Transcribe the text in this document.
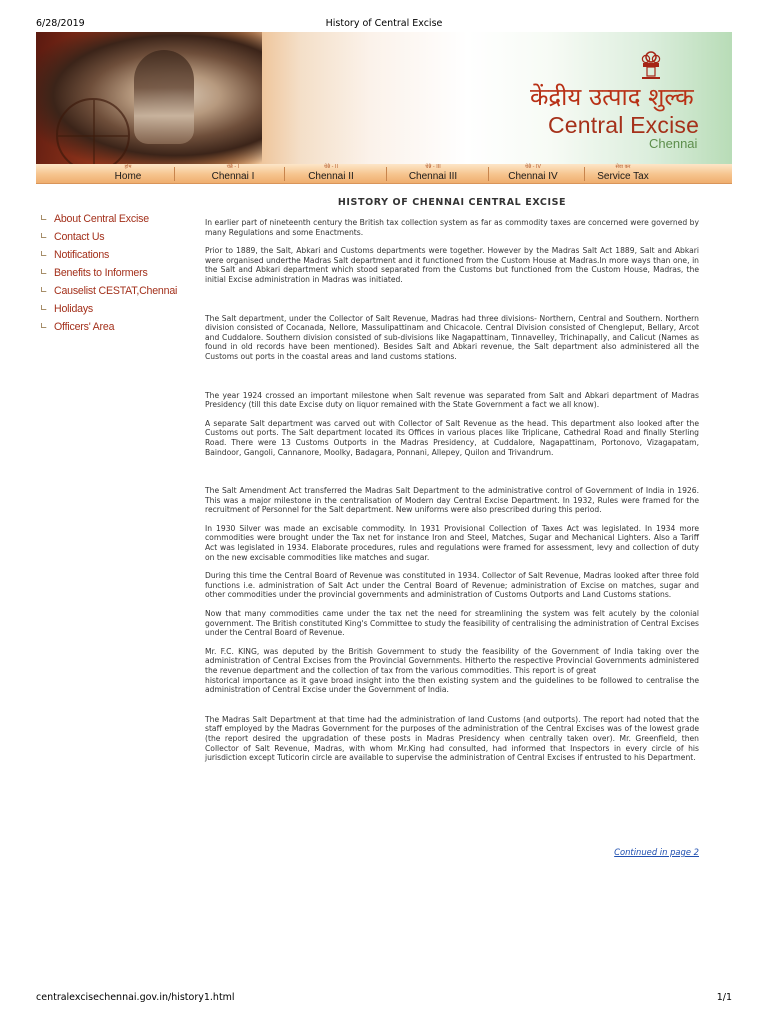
6/28/2019	History of Central Excise
केंद्रीय उत्पाद शुल्क
Central Excise
Chennai
होम
Home
चेन्नै - I
Chennai I
चेन्नै - II
Chennai II
चेन्नै - III
Chennai III
चेन्नै - IV
Chennai IV
सेवा कर
Service Tax
∟ About Central Excise
∟ Contact Us
∟ Notifications
∟ Benefits to Informers
∟ Causelist CESTAT,Chennai
∟ Holidays
∟ Officers' Area
HISTORY OF CHENNAI CENTRAL EXCISE

In earlier part of nineteenth century the British tax collection system as far as commodity taxes are concerned were governed by many Regulations and some Enactments.

Prior to 1889, the Salt, Abkari and Customs departments were together. However by the Madras Salt Act 1889, Salt and Abkari were organised underthe Madras Salt department and it functioned from the Custom House at Madras.In more ways than one, in the Salt and Abkari department which stood separated from the Customs but functioned from the Custom House, Madras, the initial Excise administration in Madras was initiated.

The Salt department, under the Collector of Salt Revenue, Madras had three divisions- Northern, Central and Southern. Northern division consisted of Cocanada, Nellore, Massulipattinam and Chicacole. Central Division consisted of Chengleput, Bellary, Arcot and Cuddalore. Southern division consisted of sub-divisions like Nagapattinam, Tinnavelley, Trichinapally, and Calicut (Names as found in old records have been mentioned). Besides Salt and Abkari revenue, the Salt department also administered all the Customs out ports in the coastal areas and land customs stations.

The year 1924 crossed an important milestone when Salt revenue was separated from Salt and Abkari department of Madras Presidency (till this date Excise duty on liquor remained with the State Government a fact we all know).

A separate Salt department was carved out with Collector of Salt Revenue as the head. This department also looked after the Customs out ports. The Salt department located its Offices in various places like Triplicane, Cathedral Road and finally Sterling Road. There were 13 Customs Outports in the Madras Presidency, at Cuddalore, Nagapattinam, Portonovo, Vizagapatam, Baindoor, Gangoli, Cannanore, Moolky, Badagara, Ponnani, Allepey, Quilon and Trivandrum.

The Salt Amendment Act transferred the Madras Salt Department to the administrative control of Government of India in 1926. This was a major milestone in the centralisation of Modern day Central Excise Department. In 1932, Rules were framed for the recruitment of Personnel for the Salt department. New uniforms were also prescribed during this period.

In 1930 Silver was made an excisable commodity. In 1931 Provisional Collection of Taxes Act was legislated. In 1934 more commodities were brought under the Tax net for instance Iron and Steel, Matches, Sugar and Mechanical Lighters. Also a Tariff Act was legislated in 1934. Elaborate procedures, rules and regulations were framed for assessment, levy and collection of duty on the new excisable commodities like matches and sugar.

During this time the Central Board of Revenue was constituted in 1934. Collector of Salt Revenue, Madras looked after three fold functions i.e. administration of Salt Act under the Central Board of Revenue; administration of Excise on matches, sugar and other commodities under the provincial governments and administration of Customs Outports and Land Customs stations.

Now that many commodities came under the tax net the need for streamlining the system was felt acutely by the colonial government. The British constituted King's Committee to study the feasibility of centralising the administration of Central Excises under the Central Board of Revenue.

Mr. F.C. KING, was deputed by the British Government to study the feasibility of the Government of India taking over the administration of Central Excises from the Provincial Governments. Hitherto the respective Provincial Governments administered the revenue department and the collection of tax from the various commodities. This report is of great

historical importance as it gave broad insight into the then existing system and the guidelines to be followed to centralise the administration of Central Excise under the Government of India.

The Madras Salt Department at that time had the administration of land Customs (and outports). The report had noted that the staff employed by the Madras Government for the purposes of the administration of the Central Excises was of the lowest grade (the report desired the upgradation of these posts in Madras Presidency when centrally taken over). Mr. Greenfield, then Collector of Salt Revenue, Madras, with whom Mr.King had consulted, had informed that Inspectors in every circle of his jurisdiction except Tuticorin circle are available to supervise the administration of Central Excises if entrusted to his Department.

Continued in page 2
centralexcisechennai.gov.in/history1.html	1/1
